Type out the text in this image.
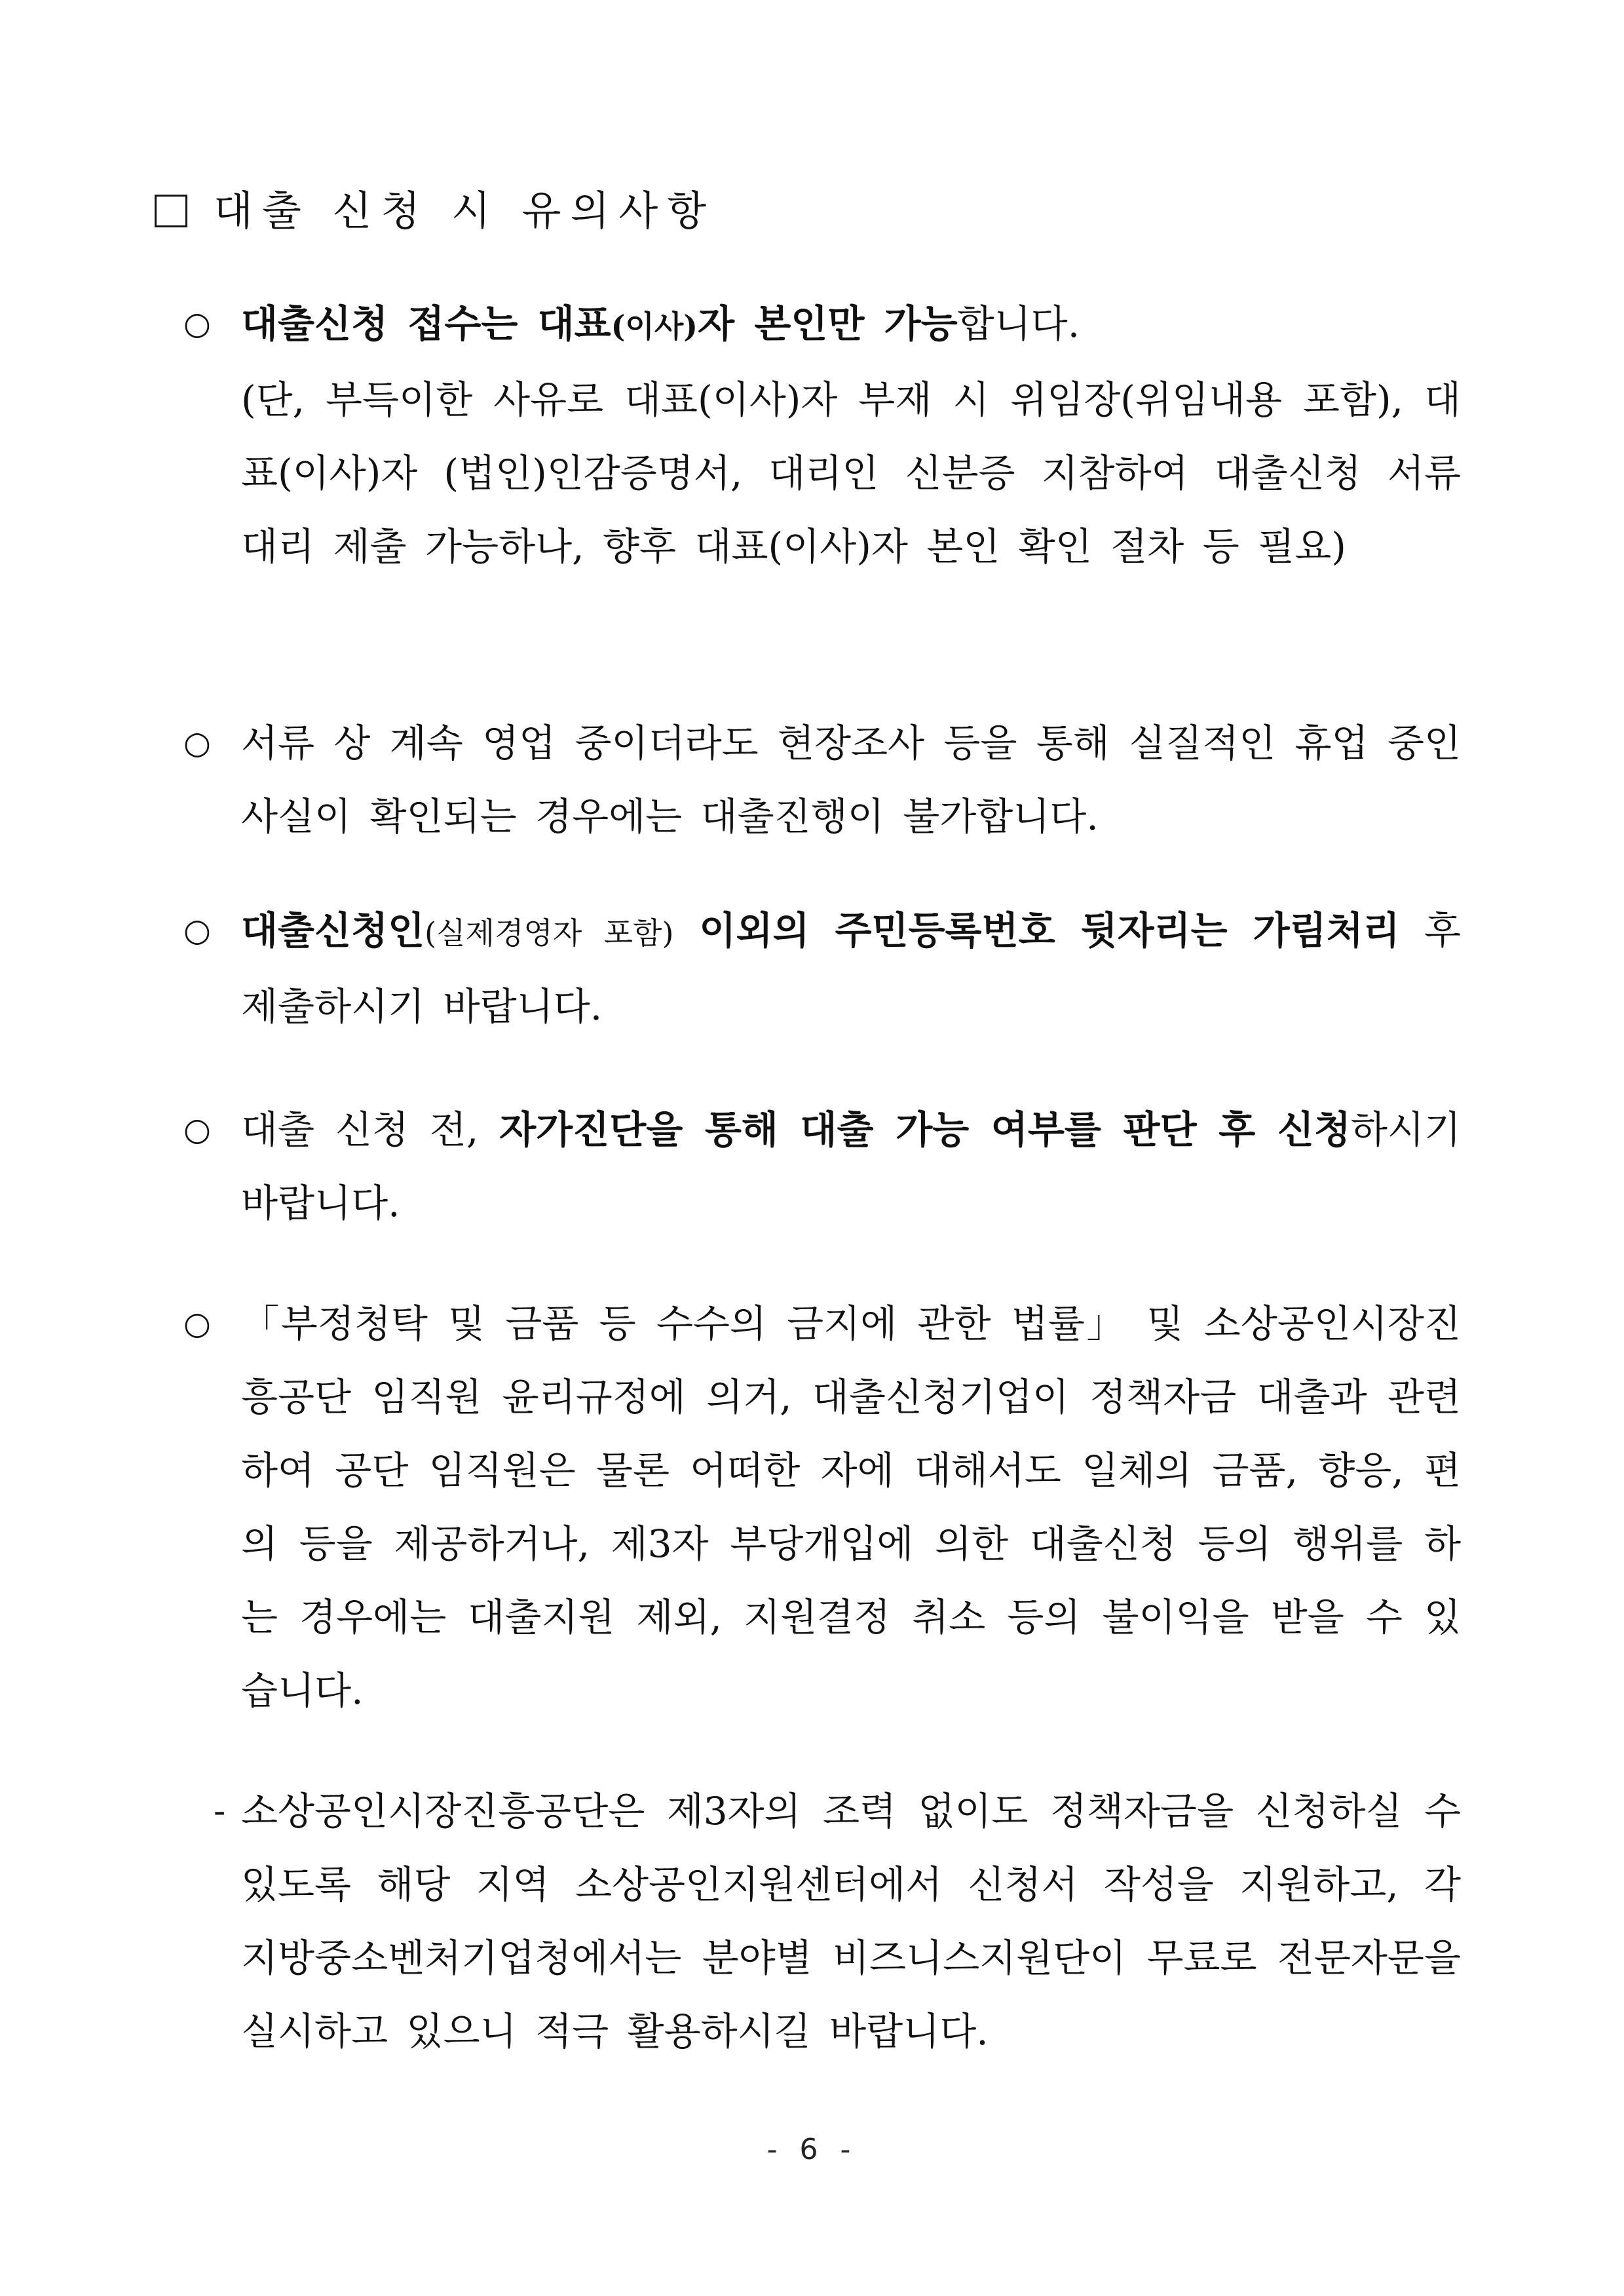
대출 신청 시 유의사항
○ 대출신청 접수는 대표(이사)자 본인만 가능합니다.
(단, 부득이한 사유로 대표(이사)자 부재 시 위임장(위임내용 포함), 대표(이사)자 (법인)인감증명서, 대리인 신분증 지참하여 대출신청 서류 대리 제출 가능하나, 향후 대표(이사)자 본인 확인 절차 등 필요)
○ 서류 상 계속 영업 중이더라도 현장조사 등을 통해 실질적인 휴업 중인 사실이 확인되는 경우에는 대출진행이 불가합니다.
○ 대출신청인(실제경영자 포함) 이외의 주민등록번호 뒷자리는 가림처리 후 제출하시기 바랍니다.
○ 대출 신청 전, 자가진단을 통해 대출 가능 여부를 판단 후 신청하시기 바랍니다.
○ 「부정청탁 및 금품 등 수수의 금지에 관한 법률」 및 소상공인시장진흥공단 임직원 윤리규정에 의거, 대출신청기업이 정책자금 대출과 관련하여 공단 임직원은 물론 어떠한 자에 대해서도 일체의 금품, 향응, 편의 등을 제공하거나, 제3자 부당개입에 의한 대출신청 등의 행위를 하는 경우에는 대출지원 제외, 지원결정 취소 등의 불이익을 받을 수 있습니다.
- 소상공인시장진흥공단은 제3자의 조력 없이도 정책자금을 신청하실 수 있도록 해당 지역 소상공인지원센터에서 신청서 작성을 지원하고, 각 지방중소벤처기업청에서는 분야별 비즈니스지원단이 무료로 전문자문을 실시하고 있으니 적극 활용하시길 바랍니다.
- 6 -
